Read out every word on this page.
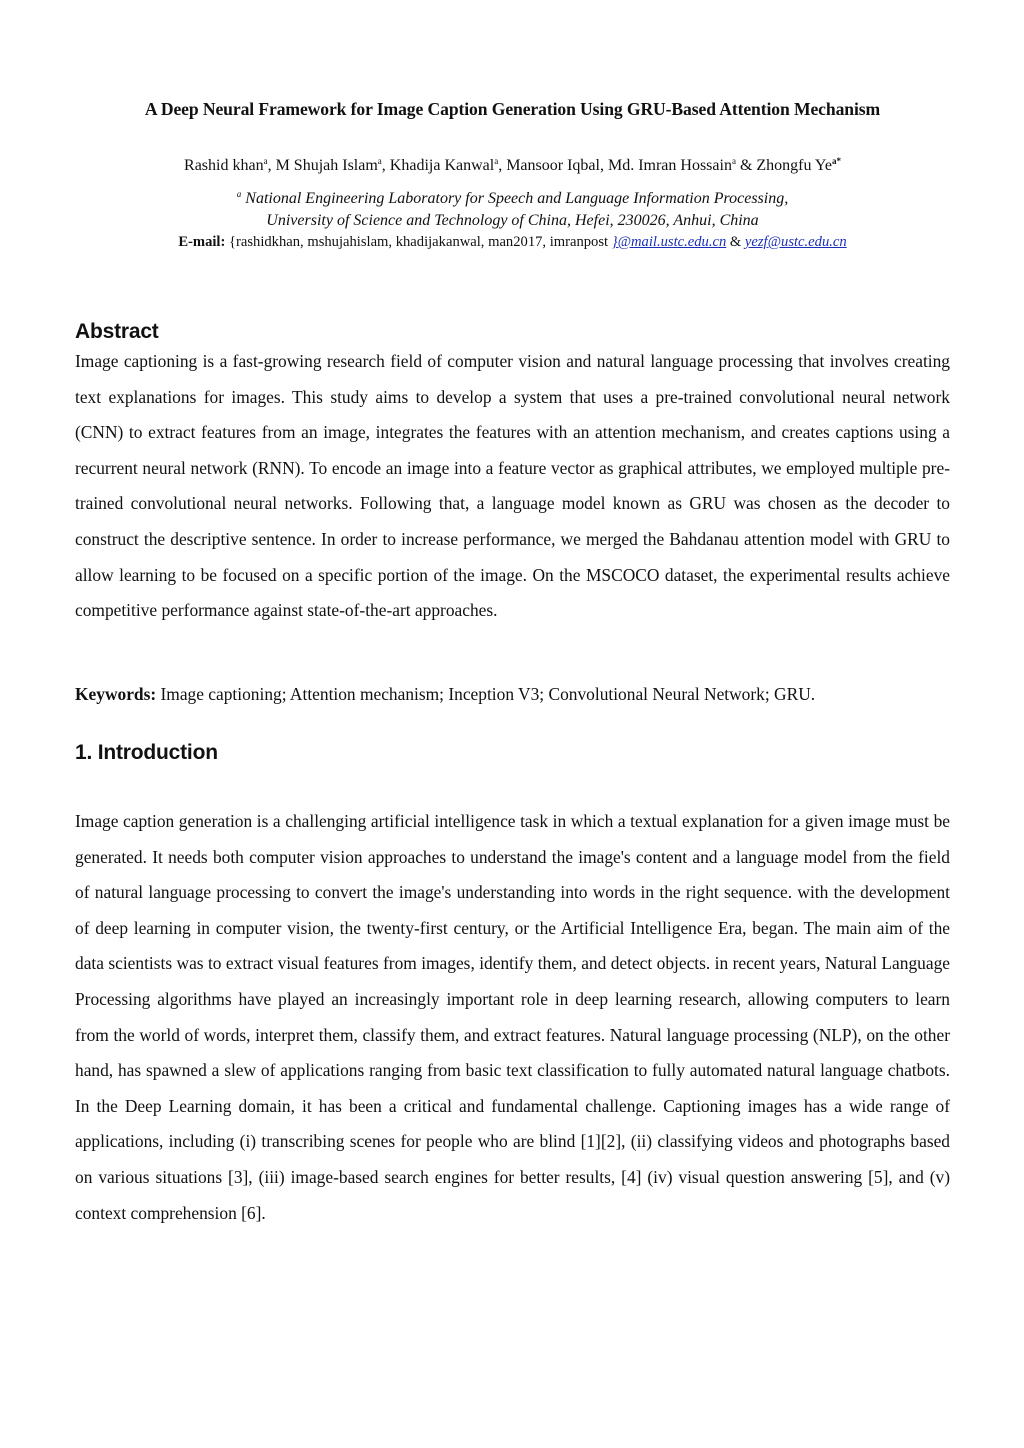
A Deep Neural Framework for Image Caption Generation Using GRU-Based Attention Mechanism
Rashid khan$^a$, M Shujah Islam$^a$, Khadija Kanwal$^a$, Mansoor Iqbal, Md. Imran Hossain$^a$ & Zhongfu $Ye^{a*}$
$^a$ National Engineering Laboratory for Speech and Language Information Processing,
University of Science and Technology of China, Hefei, 230026, Anhui, China
E-mail: {rashidkhan, mshujahislam, khadijakanwal, man2017, imranpost }@mail.ustc.edu.cn & yezf@ustc.edu.cn
Abstract

Image captioning is a fast-growing research field of computer vision and natural language processing that involves creating text explanations for images. This study aims to develop a system that uses a pre-trained convolutional neural network (CNN) to extract features from an image, integrates the features with an attention mechanism, and creates captions using a recurrent neural network (RNN). To encode an image into a feature vector as graphical attributes, we employed multiple pre-trained convolutional neural networks. Following that, a language model known as GRU was chosen as the decoder to construct the descriptive sentence. In order to increase performance, we merged the Bahdanau attention model with GRU to allow learning to be focused on a specific portion of the image. On the MSCOCO dataset, the experimental results achieve competitive performance against state-of-the-art approaches.

Keywords: Image captioning; Attention mechanism; Inception V3; Convolutional Neural Network; GRU.
1. Introduction

Image caption generation is a challenging artificial intelligence task in which a textual explanation for a given image must be generated. It needs both computer vision approaches to understand the image's content and a language model from the field of natural language processing to convert the image's understanding into words in the right sequence. with the development of deep learning in computer vision, the twenty-first century, or the Artificial Intelligence Era, began. The main aim of the data scientists was to extract visual features from images, identify them, and detect objects. in recent years, Natural Language Processing algorithms have played an increasingly important role in deep learning research, allowing computers to learn from the world of words, interpret them, classify them, and extract features. Natural language processing (NLP), on the other hand, has spawned a slew of applications ranging from basic text classification to fully automated natural language chatbots. In the Deep Learning domain, it has been a critical and fundamental challenge. Captioning images has a wide range of applications, including (i) transcribing scenes for people who are blind [1][2], (ii) classifying videos and photographs based on various situations [3], (iii) image-based search engines for better results, [4] (iv) visual question answering [5], and (v) context comprehension [6].
